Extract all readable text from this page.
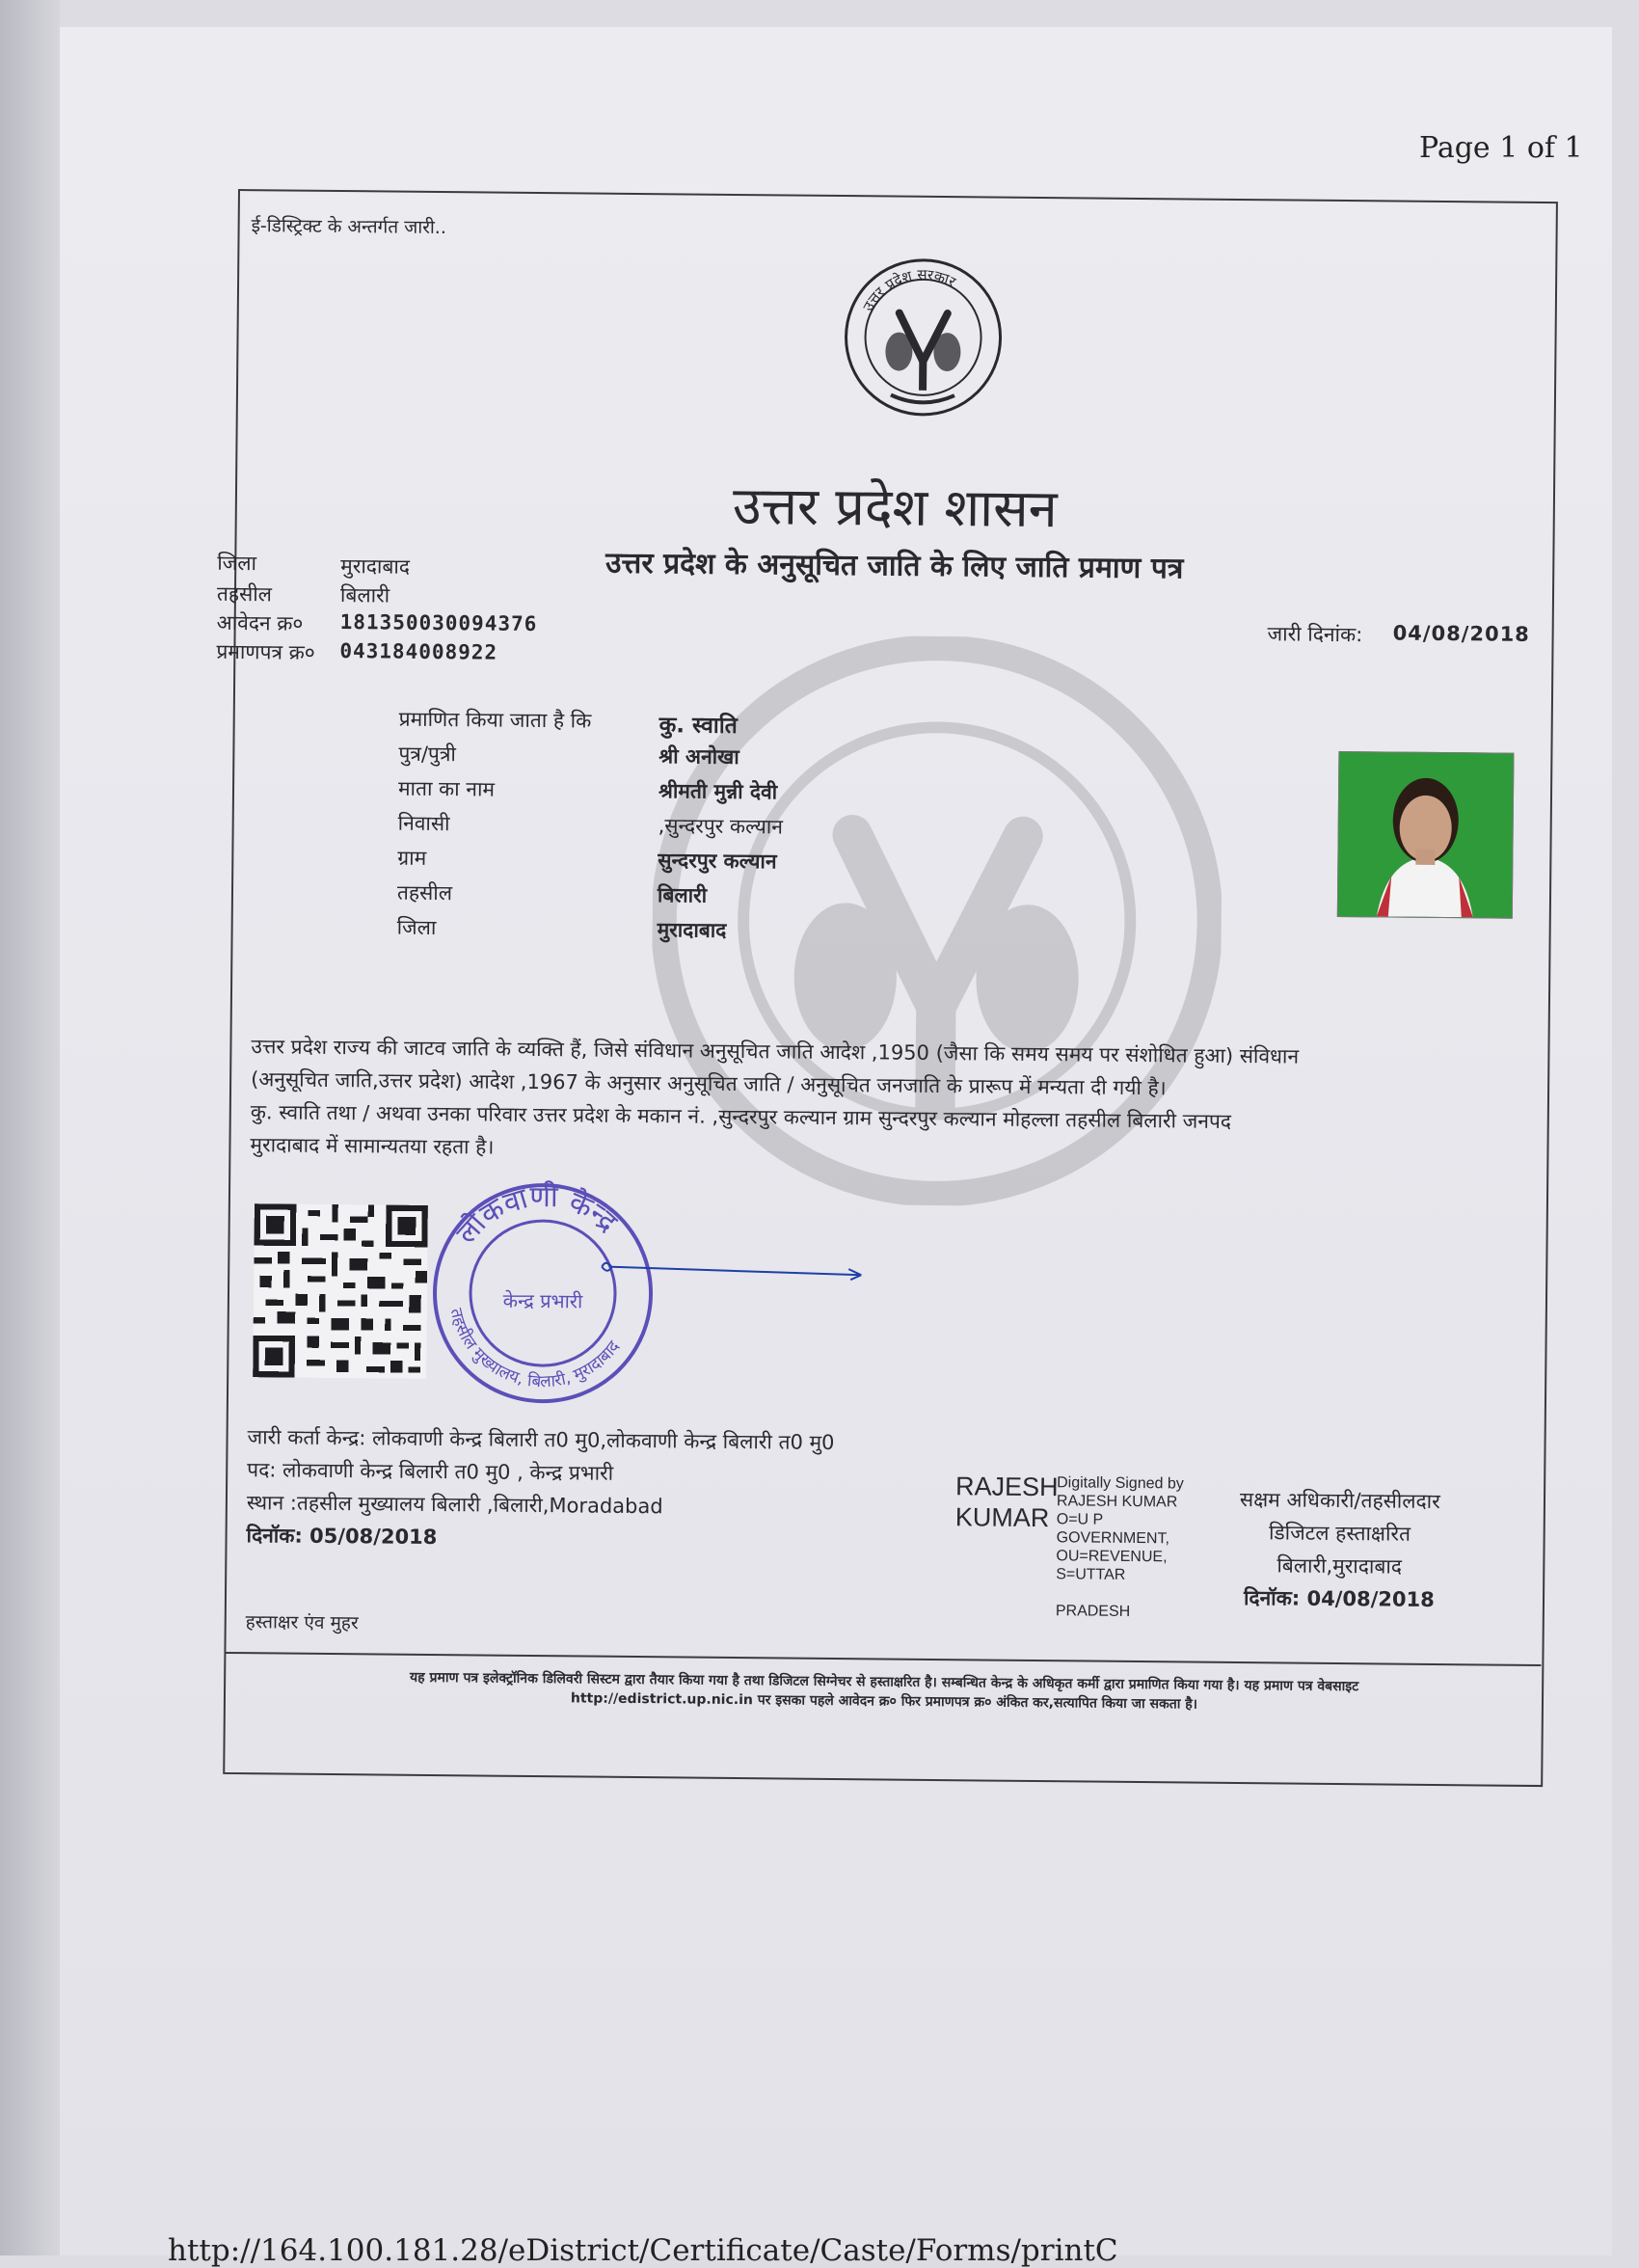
Page 1 of 1
ई-डिस्ट्रिक्ट के अन्तर्गत जारी..
उत्तर प्रदेश सरकार
उत्तर प्रदेश शासन
उत्तर प्रदेश के अनुसूचित जाति के लिए जाति प्रमाण पत्र
जिला	मुरादाबाद
तहसील	बिलारी
आवेदन क्र० 181350030094376
प्रमाणपत्र क्र० 043184008922
जारी दिनांक: 04/08/2018
प्रमाणित किया जाता है कि	कु. स्वाति
पुत्र/पुत्री	श्री अनोखा
माता का नाम	श्रीमती मुन्नी देवी
निवासी	,सुन्दरपुर कल्यान
ग्राम	सुन्दरपुर कल्यान
तहसील	बिलारी
जिला	मुरादाबाद
उत्तर प्रदेश राज्य की जाटव जाति के व्यक्ति हैं, जिसे संविधान अनुसूचित जाति आदेश ,1950 (जैसा कि समय समय पर संशोधित हुआ) संविधान
(अनुसूचित जाति,उत्तर प्रदेश) आदेश ,1967 के अनुसार अनुसूचित जाति / अनुसूचित जनजाति के प्रारूप में मन्यता दी गयी है।
कु. स्वाति तथा / अथवा उनका परिवार उत्तर प्रदेश के मकान नं. ,सुन्दरपुर कल्यान ग्राम सुन्दरपुर कल्यान मोहल्ला तहसील बिलारी जनपद
मुरादाबाद में सामान्यतया रहता है।
लोकवाणी केन्द्र
तहसील मुख्यालय, बिलारी, मुरादाबाद
केन्द्र प्रभारी
जारी कर्ता केन्द्र: लोकवाणी केन्द्र बिलारी त0 मु0,लोकवाणी केन्द्र बिलारी त0 मु0
पद: लोकवाणी केन्द्र बिलारी त0 मु0 , केन्द्र प्रभारी
स्थान :तहसील मुख्यालय बिलारी ,बिलारी,Moradabad
दिनॉक: 05/08/2018
RAJESH
KUMAR
Digitally Signed by
RAJESH KUMAR
O=U P
GOVERNMENT,
OU=REVENUE,
S=UTTAR

PRADESH
सक्षम अधिकारी/तहसीलदार
डिजिटल हस्ताक्षरित
बिलारी,मुरादाबाद
दिनॉक: 04/08/2018
हस्ताक्षर एंव मुहर
यह प्रमाण पत्र इलेक्ट्रॉनिक डिलिवरी सिस्टम द्वारा तैयार किया गया है तथा डिजिटल सिग्नेचर से हस्ताक्षरित है। सम्बन्धित केन्द्र के अधिकृत कर्मी द्वारा प्रमाणित किया गया है। यह प्रमाण पत्र वेबसाइट
http://edistrict.up.nic.in पर इसका पहले आवेदन क्र० फिर प्रमाणपत्र क्र० अंकित कर,सत्यापित किया जा सकता है।
http://164.100.181.28/eDistrict/Certificate/Caste/Forms/printC
